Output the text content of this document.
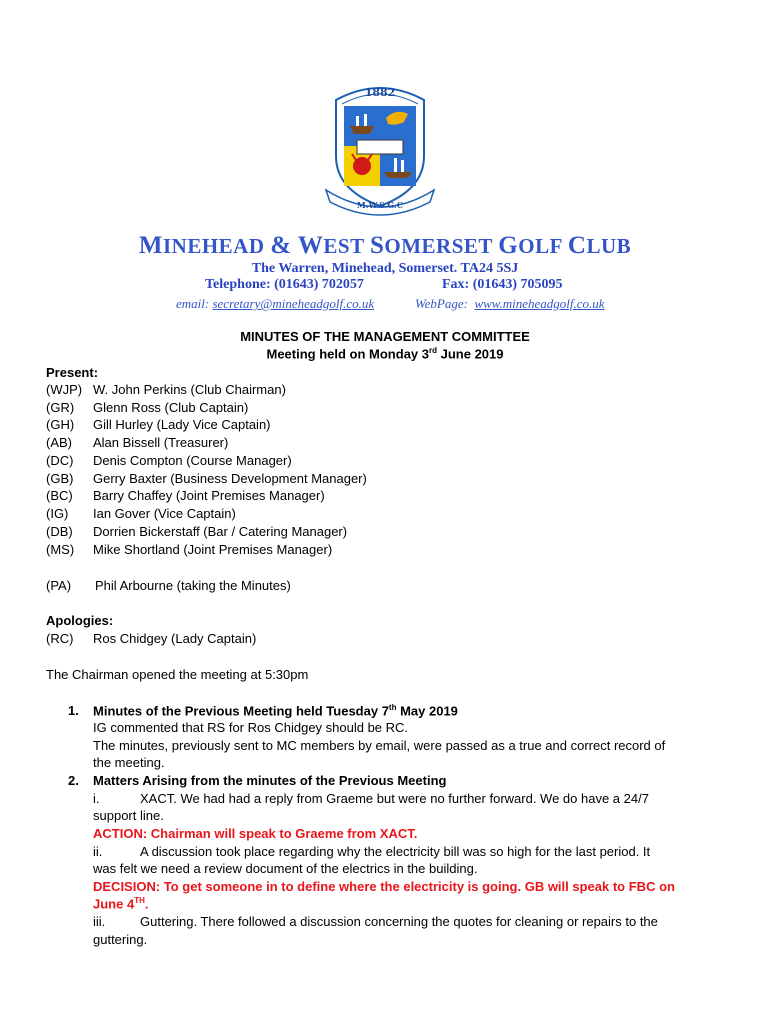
1882
M.W.S.G.C
MINEHEAD & WEST SOMERSET GOLF CLUB
The Warren, Minehead, Somerset. TA24 5SJ
Telephone: (01643) 702057	Fax: (01643) 705095
email: secretary@mineheadgolf.co.uk	WebPage: www.mineheadgolf.co.uk
MINUTES OF THE MANAGEMENT COMMITTEE
Meeting held on Monday 3rd June 2019
Present:
(WJP) W. John Perkins (Club Chairman)
(GR) Glenn Ross (Club Captain)
(GH) Gill Hurley (Lady Vice Captain)
(AB) Alan Bissell (Treasurer)
(DC) Denis Compton (Course Manager)
(GB) Gerry Baxter (Business Development Manager)
(BC) Barry Chaffey (Joint Premises Manager)
(IG) Ian Gover (Vice Captain)
(DB) Dorrien Bickerstaff (Bar / Catering Manager)
(MS) Mike Shortland (Joint Premises Manager)
(PA) Phil Arbourne (taking the Minutes)
Apologies:
(RC) Ros Chidgey (Lady Captain)
The Chairman opened the meeting at 5:30pm
1. Minutes of the Previous Meeting held Tuesday 7th May 2019
IG commented that RS for Ros Chidgey should be RC.
The minutes, previously sent to MC members by email, were passed as a true and correct record of
the meeting.
2. Matters Arising from the minutes of the Previous Meeting
i.	XACT. We had had a reply from Graeme but were no further forward. We do have a 24/7
support line.
ACTION: Chairman will speak to Graeme from XACT.
ii.	A discussion took place regarding why the electricity bill was so high for the last period. It
was felt we need a review document of the electrics in the building.
DECISION: To get someone in to define where the electricity is going. GB will speak to FBC on
June 4TH.
iii.	Guttering. There followed a discussion concerning the quotes for cleaning or repairs to the
guttering.
